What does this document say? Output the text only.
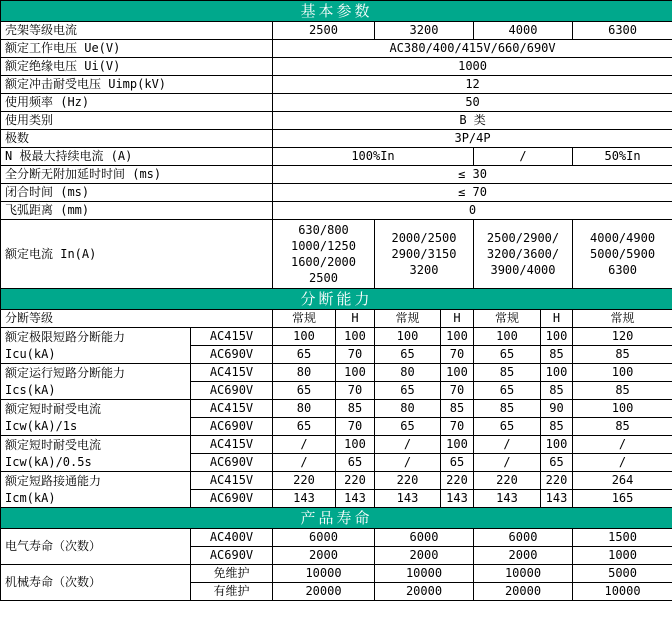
基本参数								
壳架等级电流		2500		3200		4000		6300
额定工作电压 Ue(V)		AC380/400/415V/660/690V						
额定绝缘电压 Ui(V)		1000						
额定冲击耐受电压 Uimp(kV)		12						
使用频率 (Hz)		50						
使用类别		B 类						
极数		3P/4P						
N 极最大持续电流 (A)		100%In				/		50%In
全分断无附加延时时间 (ms)		≤ 30						
闭合时间 (ms)		≤ 70						
飞弧距离 (mm)		0						
额定电流 In(A)	
630/800
1000/1250
1600/2000
2500

2000/2500
2900/3150
3200

2500/2900/
3200/3600/
3900/4000

4000/4900
5000/5900
6300

分断能力								
分断等级		常规	H	常规	H	常规	H	常规

额定极限短路分断能力
Icu(kA)	AC415V	100	100	100	100	100	100	120
	AC690V	65	70	65	70	65	85	85

额定运行短路分断能力
Ics(kA)	AC415V	80	100	80	100	85	100	100
	AC690V	65	70	65	70	65	85	85

额定短时耐受电流
Icw(kA)/1s	AC415V	80	85	80	85	85	90	100
	AC690V	65	70	65	70	65	85	85

额定短时耐受电流
Icw(kA)/0.5s	AC415V	/	100	/	100	/	100	/
	AC690V	/	65	/	65	/	65	/

额定短路接通能力
Icm(kA)	AC415V	220	220	220	220	220	220	264
	AC690V	143	143	143	143	143	143	165
产品寿命								
电气寿命（次数）	AC400V	6000		6000		6000		1500
	AC690V	2000		2000		2000		1000
机械寿命（次数）	免维护	10000		10000		10000		5000
	有维护	20000		20000		20000		10000
